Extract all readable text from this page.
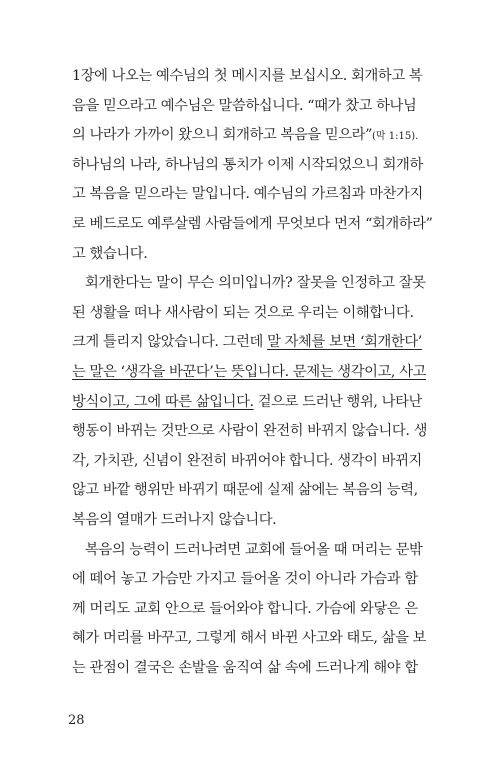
1장에 나오는 예수님의 첫 메시지를 보십시오. 회개하고 복
음을 믿으라고 예수님은 말씀하십니다. “때가 찼고 하나님
의 나라가 가까이 왔으니 회개하고 복음을 믿으라”(막 1:15).
하나님의 나라, 하나님의 통치가 이제 시작되었으니 회개하
고 복음을 믿으라는 말입니다. 예수님의 가르침과 마찬가지
로 베드로도 예루살렘 사람들에게 무엇보다 먼저 “회개하라”
고 했습니다.
회개한다는 말이 무슨 의미입니까? 잘못을 인정하고 잘못
된 생활을 떠나 새사람이 되는 것으로 우리는 이해합니다.
크게 틀리지 않았습니다. 그런데 말 자체를 보면 ‘회개한다’
는 말은 ‘생각을 바꾼다’는 뜻입니다. 문제는 생각이고, 사고
방식이고, 그에 따른 삶입니다. 겉으로 드러난 행위, 나타난
행동이 바뀌는 것만으로 사람이 완전히 바뀌지 않습니다. 생
각, 가치관, 신념이 완전히 바뀌어야 합니다. 생각이 바뀌지
않고 바깥 행위만 바뀌기 때문에 실제 삶에는 복음의 능력,
복음의 열매가 드러나지 않습니다.
복음의 능력이 드러나려면 교회에 들어올 때 머리는 문밖
에 떼어 놓고 가슴만 가지고 들어올 것이 아니라 가슴과 함
께 머리도 교회 안으로 들어와야 합니다. 가슴에 와닿은 은
혜가 머리를 바꾸고, 그렇게 해서 바뀐 사고와 태도, 삶을 보
는 관점이 결국은 손발을 움직여 삶 속에 드러나게 해야 합
28
